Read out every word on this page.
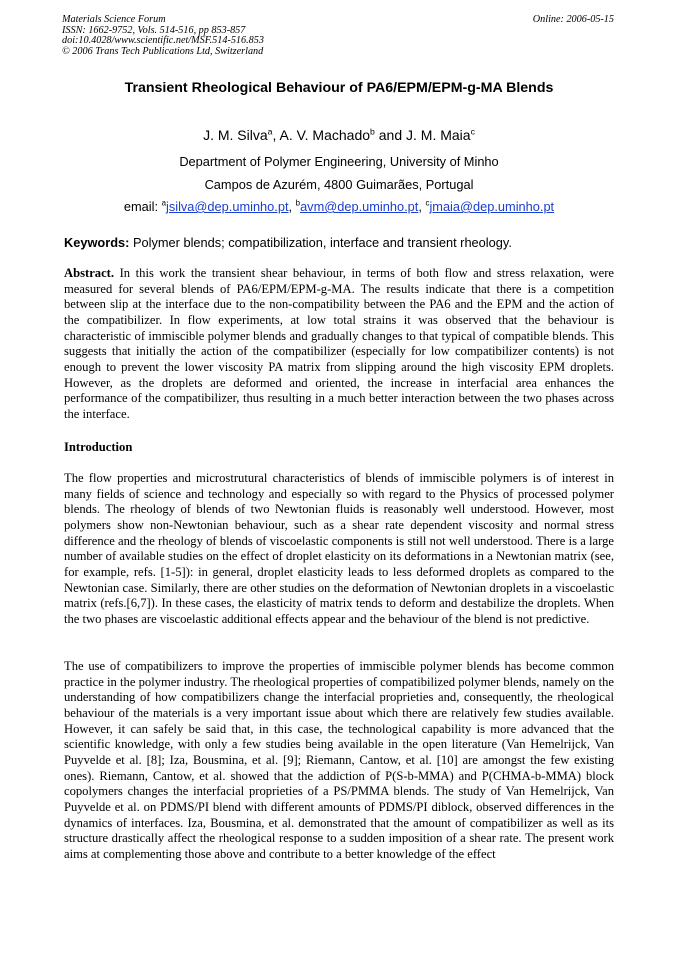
Materials Science Forum
ISSN: 1662-9752, Vols. 514-516, pp 853-857
doi:10.4028/www.scientific.net/MSF.514-516.853
© 2006 Trans Tech Publications Ltd, Switzerland
Online: 2006-05-15
Transient Rheological Behaviour of PA6/EPM/EPM-g-MA Blends
J. M. Silva$^a$, A. V. Machado$^b$ and J. M. Maia$^c$
Department of Polymer Engineering, University of Minho
Campos de Azurém, 4800 Guimarães, Portugal
email: $^a$jsilva@dep.uminho.pt, $^b$avm@dep.uminho.pt, $^c$jmaia@dep.uminho.pt
Keywords: Polymer blends; compatibilization, interface and transient rheology.

Abstract. In this work the transient shear behaviour, in terms of both flow and stress relaxation, were measured for several blends of PA6/EPM/EPM-g-MA. The results indicate that there is a competition between slip at the interface due to the non-compatibility between the PA6 and the EPM and the action of the compatibilizer. In flow experiments, at low total strains it was observed that the behaviour is characteristic of immiscible polymer blends and gradually changes to that typical of compatible blends. This suggests that initially the action of the compatibilizer (especially for low compatibilizer contents) is not enough to prevent the lower viscosity PA matrix from slipping around the high viscosity EPM droplets. However, as the droplets are deformed and oriented, the increase in interfacial area enhances the performance of the compatibilizer, thus resulting in a much better interaction between the two phases across the interface.

Introduction

The flow properties and microstrutural characteristics of blends of immiscible polymers is of interest in many fields of science and technology and especially so with regard to the Physics of processed polymer blends. The rheology of blends of two Newtonian fluids is reasonably well understood. However, most polymers show non-Newtonian behaviour, such as a shear rate dependent viscosity and normal stress difference and the rheology of blends of viscoelastic components is still not well understood. There is a large number of available studies on the effect of droplet elasticity on its deformations in a Newtonian matrix (see, for example, refs. [1-5]): in general, droplet elasticity leads to less deformed droplets as compared to the Newtonian case. Similarly, there are other studies on the deformation of Newtonian droplets in a viscoelastic matrix (refs.[6,7]). In these cases, the elasticity of matrix tends to deform and destabilize the droplets. When the two phases are viscoelastic additional effects appear and the behaviour of the blend is not predictive.

The use of compatibilizers to improve the properties of immiscible polymer blends has become common practice in the polymer industry. The rheological properties of compatibilized polymer blends, namely on the understanding of how compatibilizers change the interfacial proprieties and, consequently, the rheological behaviour of the materials is a very important issue about which there are relatively few studies available. However, it can safely be said that, in this case, the technological capability is more advanced that the scientific knowledge, with only a few studies being available in the open literature (Van Hemelrijck, Van Puyvelde et al. [8]; Iza, Bousmina, et al. [9]; Riemann, Cantow, et al. [10] are amongst the few existing ones). Riemann, Cantow, et al. showed that the addiction of P(S-b-MMA) and P(CHMA-b-MMA) block copolymers changes the interfacial proprieties of a PS/PMMA blends. The study of Van Hemelrijck, Van Puyvelde et al. on PDMS/PI blend with different amounts of PDMS/PI diblock, observed differences in the dynamics of interfaces. Iza, Bousmina, et al. demonstrated that the amount of compatibilizer as well as its structure drastically affect the rheological response to a sudden imposition of a shear rate. The present work aims at complementing those above and contribute to a better knowledge of the effect
